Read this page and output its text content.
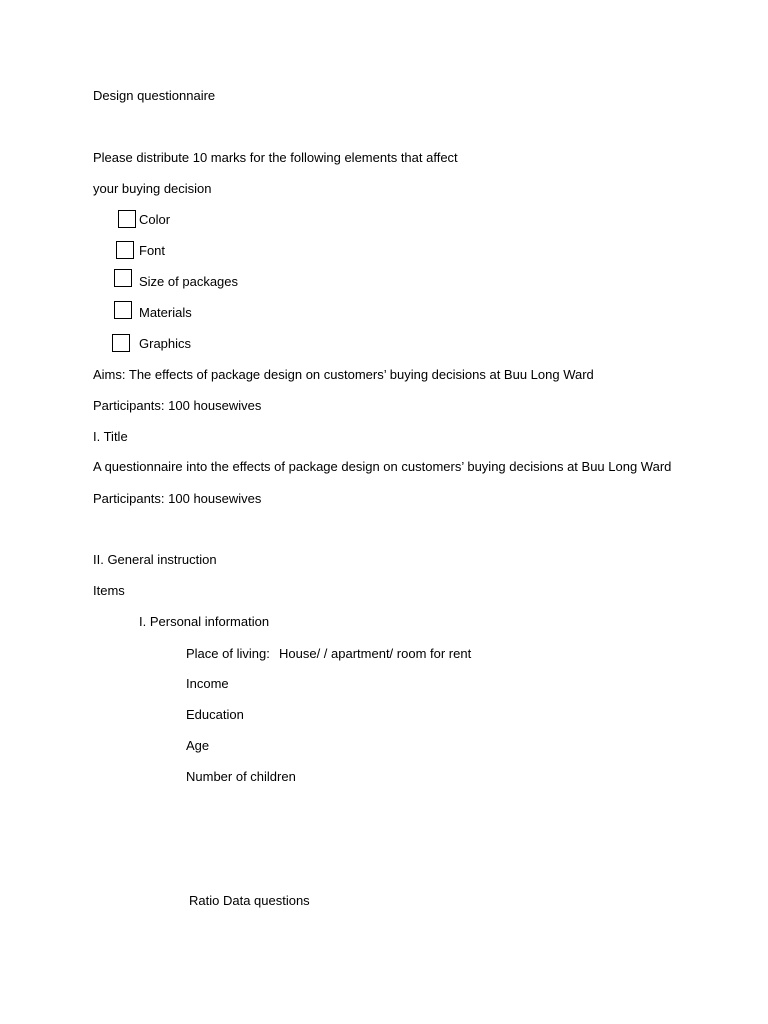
Design questionnaire
Please distribute 10 marks for the following elements that affect
your buying decision
Color
Font
Size of packages
Materials
Graphics
Aims: The effects of package design on customers’ buying decisions at Buu Long Ward
Participants: 100 housewives
I. Title
A questionnaire into the effects of package design on customers’ buying decisions at Buu Long Ward
Participants: 100 housewives
II. General instruction
Items
I. Personal information
Place of living: House/ / apartment/ room for rent
Income
Education
Age
Number of children
Ratio Data questions
